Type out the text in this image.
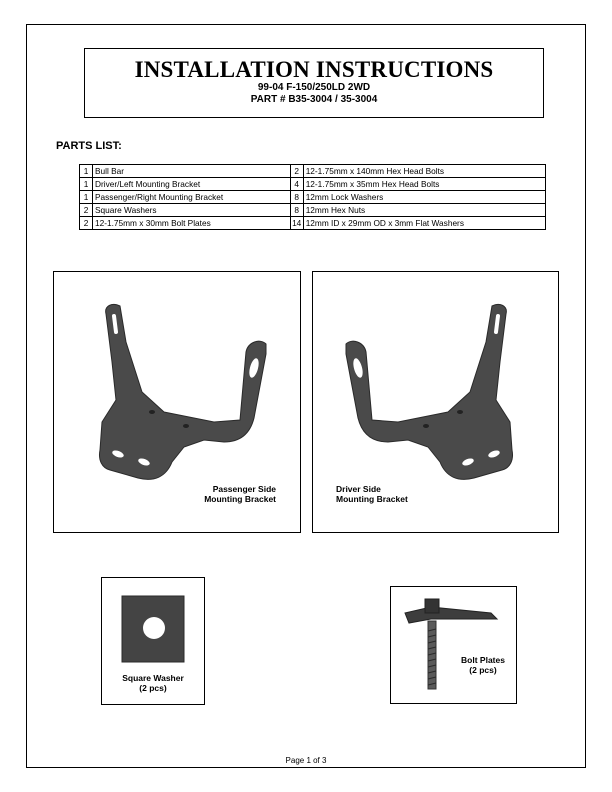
INSTALLATION INSTRUCTIONS
99-04 F-150/250LD 2WD
PART # B35-3004 / 35-3004
PARTS LIST:
1	Bull Bar	2	12-1.75mm x 140mm Hex Head Bolts
1	Driver/Left Mounting Bracket	4	12-1.75mm x 35mm Hex Head Bolts
1	Passenger/Right Mounting Bracket	8	12mm Lock Washers
2	Square Washers	8	12mm Hex Nuts
2	12-1.75mm x 30mm Bolt Plates	14	12mm ID x 29mm OD x 3mm Flat Washers
Passenger Side
Mounting Bracket
Driver Side
Mounting Bracket
Square Washer
(2 pcs)
Bolt Plates
(2 pcs)
Page 1 of 3
